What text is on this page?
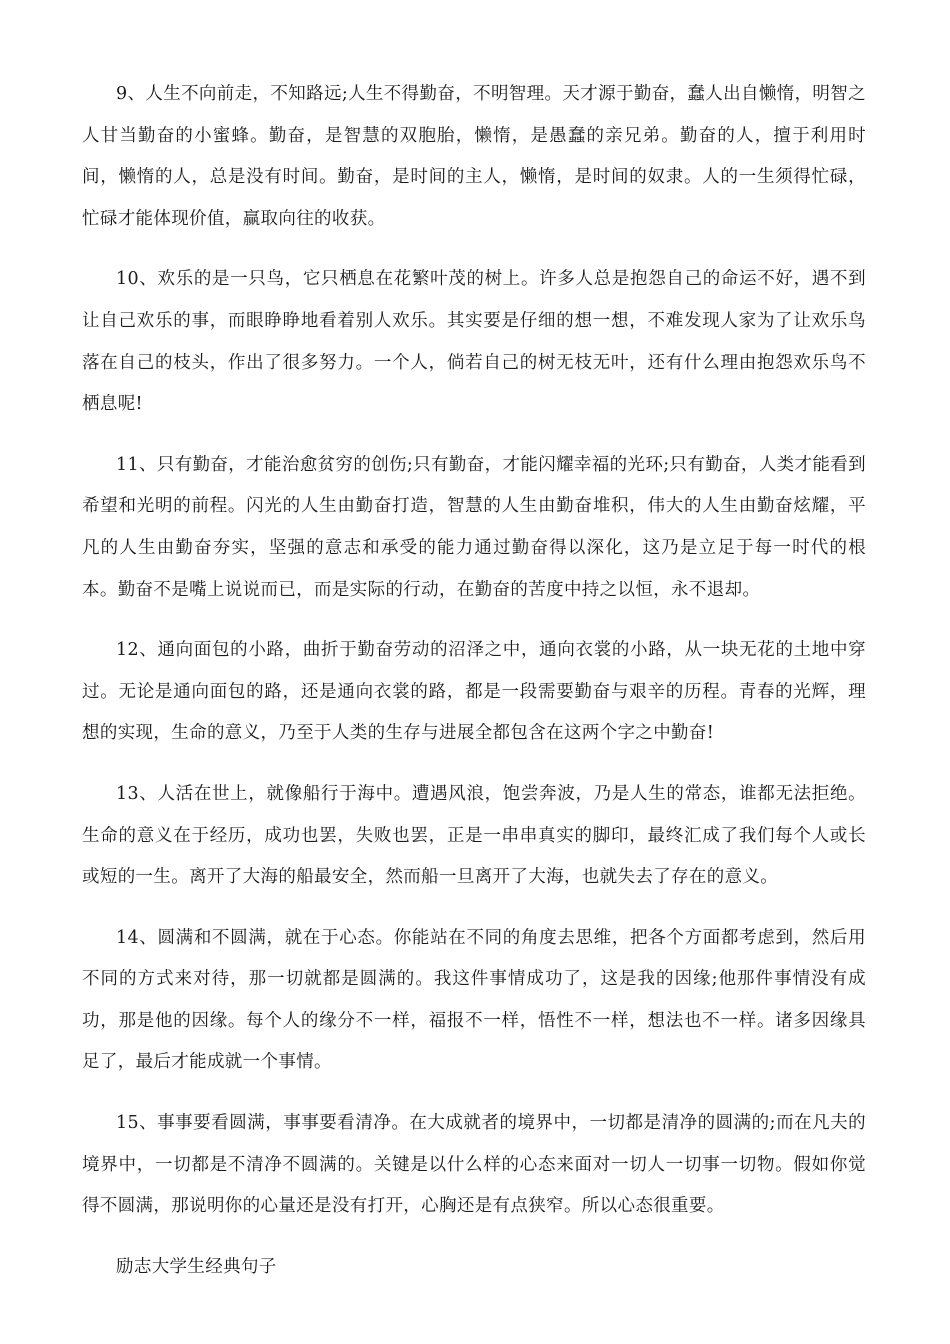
9、人生不向前走，不知路远;人生不得勤奋，不明智理。天才源于勤奋，蠢人出自懒惰，明智之人甘当勤奋的小蜜蜂。勤奋，是智慧的双胞胎，懒惰，是愚蠢的亲兄弟。勤奋的人，擅于利用时间，懒惰的人，总是没有时间。勤奋，是时间的主人，懒惰，是时间的奴隶。人的一生须得忙碌，忙碌才能体现价值，赢取向往的收获。

10、欢乐的是一只鸟，它只栖息在花繁叶茂的树上。许多人总是抱怨自己的命运不好，遇不到让自己欢乐的事，而眼睁睁地看着别人欢乐。其实要是仔细的想一想，不难发现人家为了让欢乐鸟落在自己的枝头，作出了很多努力。一个人，倘若自己的树无枝无叶，还有什么理由抱怨欢乐鸟不栖息呢!

11、只有勤奋，才能治愈贫穷的创伤;只有勤奋，才能闪耀幸福的光环;只有勤奋，人类才能看到希望和光明的前程。闪光的人生由勤奋打造，智慧的人生由勤奋堆积，伟大的人生由勤奋炫耀，平凡的人生由勤奋夯实，坚强的意志和承受的能力通过勤奋得以深化，这乃是立足于每一时代的根本。勤奋不是嘴上说说而已，而是实际的行动，在勤奋的苦度中持之以恒，永不退却。

12、通向面包的小路，曲折于勤奋劳动的沼泽之中，通向衣裳的小路，从一块无花的土地中穿过。无论是通向面包的路，还是通向衣裳的路，都是一段需要勤奋与艰辛的历程。青春的光辉，理想的实现，生命的意义，乃至于人类的生存与进展全都包含在这两个字之中勤奋!

13、人活在世上，就像船行于海中。遭遇风浪，饱尝奔波，乃是人生的常态，谁都无法拒绝。生命的意义在于经历，成功也罢，失败也罢，正是一串串真实的脚印，最终汇成了我们每个人或长或短的一生。离开了大海的船最安全，然而船一旦离开了大海，也就失去了存在的意义。

14、圆满和不圆满，就在于心态。你能站在不同的角度去思维，把各个方面都考虑到，然后用不同的方式来对待，那一切就都是圆满的。我这件事情成功了，这是我的因缘;他那件事情没有成功，那是他的因缘。每个人的缘分不一样，福报不一样，悟性不一样，想法也不一样。诸多因缘具足了，最后才能成就一个事情。

15、事事要看圆满，事事要看清净。在大成就者的境界中，一切都是清净的圆满的;而在凡夫的境界中，一切都是不清净不圆满的。关键是以什么样的心态来面对一切人一切事一切物。假如你觉得不圆满，那说明你的心量还是没有打开，心胸还是有点狭窄。所以心态很重要。

励志大学生经典句子
